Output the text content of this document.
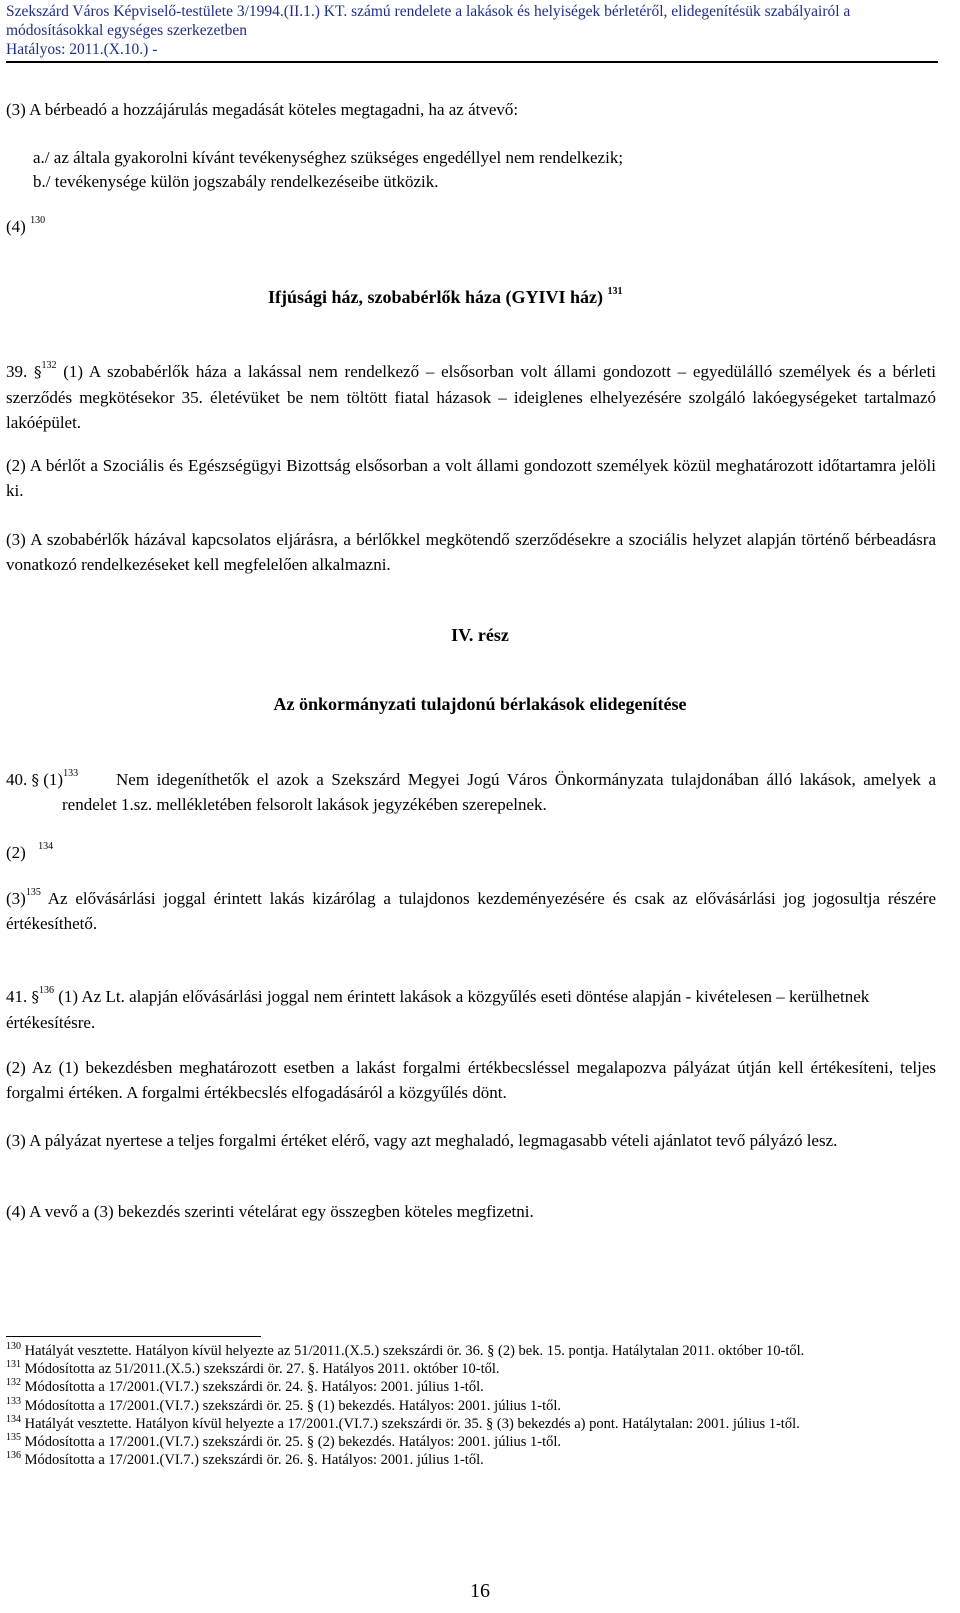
Szekszárd Város Képviselő-testülete 3/1994.(II.1.) KT. számú rendelete a lakások és helyiségek bérletéről, elidegenítésük szabályairól a
módosításokkal egységes szerkezetben
Hatályos: 2011.(X.10.) -
(3) A bérbeadó a hozzájárulás megadását köteles megtagadni, ha az átvevő:
a./ az általa gyakorolni kívánt tevékenységhez szükséges engedéllyel nem rendelkezik;
b./ tevékenysége külön jogszabály rendelkezéseibe ütközik.
(4) $^{130}$
Ifjúsági ház, szobabérlők háza (GYIVI ház) $^{131}$
39. §$^{132}$ (1) A szobabérlők háza a lakással nem rendelkező – elsősorban volt állami gondozott – egyedülálló személyek és a bérleti szerződés megkötésekor 35. életévüket be nem töltött fiatal házasok – ideiglenes elhelyezésére szolgáló lakóegységeket tartalmazó lakóépület.
(2) A bérlőt a Szociális és Egészségügyi Bizottság elsősorban a volt állami gondozott személyek közül meghatározott időtartamra jelöli ki.
(3) A szobabérlők házával kapcsolatos eljárásra, a bérlőkkel megkötendő szerződésekre a szociális helyzet alapján történő bérbeadásra vonatkozó rendelkezéseket kell megfelelően alkalmazni.
IV. rész
Az önkormányzati tulajdonú bérlakások elidegenítése
40. § $(1)^{133}$	Nem idegeníthetők el azok a Szekszárd Megyei Jogú Város Önkormányzata tulajdonában álló lakások, amelyek a rendelet 1.sz. mellékletében felsorolt lakások jegyzékében szerepelnek.
(2) $^{134}$
$(3)^{135}$ Az elővásárlási joggal érintett lakás kizárólag a tulajdonos kezdeményezésére és csak az elővásárlási jog jogosultja részére értékesíthető.
41. §$^{136}$ (1) Az Lt. alapján elővásárlási joggal nem érintett lakások a közgyűlés eseti döntése alapján - kivételesen – kerülhetnek értékesítésre.
(2) Az (1) bekezdésben meghatározott esetben a lakást forgalmi értékbecsléssel megalapozva pályázat útján kell értékesíteni, teljes forgalmi értéken. A forgalmi értékbecslés elfogadásáról a közgyűlés dönt.
(3) A pályázat nyertese a teljes forgalmi értéket elérő, vagy azt meghaladó, legmagasabb vételi ajánlatot tevő pályázó lesz.
(4) A vevő a (3) bekezdés szerinti vételárat egy összegben köteles megfizetni.
$^{130}$ Hatályát vesztette. Hatályon kívül helyezte az 51/2011.(X.5.) szekszárdi ör. 36. § (2) bek. 15. pontja. Hatálytalan 2011. október 10-től.
$^{131}$ Módosította az 51/2011.(X.5.) szekszárdi ör. 27. §. Hatályos 2011. október 10-től.
$^{132}$ Módosította a 17/2001.(VI.7.) szekszárdi ör. 24. §. Hatályos: 2001. július 1-től.
$^{133}$ Módosította a 17/2001.(VI.7.) szekszárdi ör. 25. § (1) bekezdés. Hatályos: 2001. július 1-től.
$^{134}$ Hatályát vesztette. Hatályon kívül helyezte a 17/2001.(VI.7.) szekszárdi ör. 35. § (3) bekezdés a) pont. Hatálytalan: 2001. július 1-től.
$^{135}$ Módosította a 17/2001.(VI.7.) szekszárdi ör. 25. § (2) bekezdés. Hatályos: 2001. július 1-től.
$^{136}$ Módosította a 17/2001.(VI.7.) szekszárdi ör. 26. §. Hatályos: 2001. július 1-től.
16
